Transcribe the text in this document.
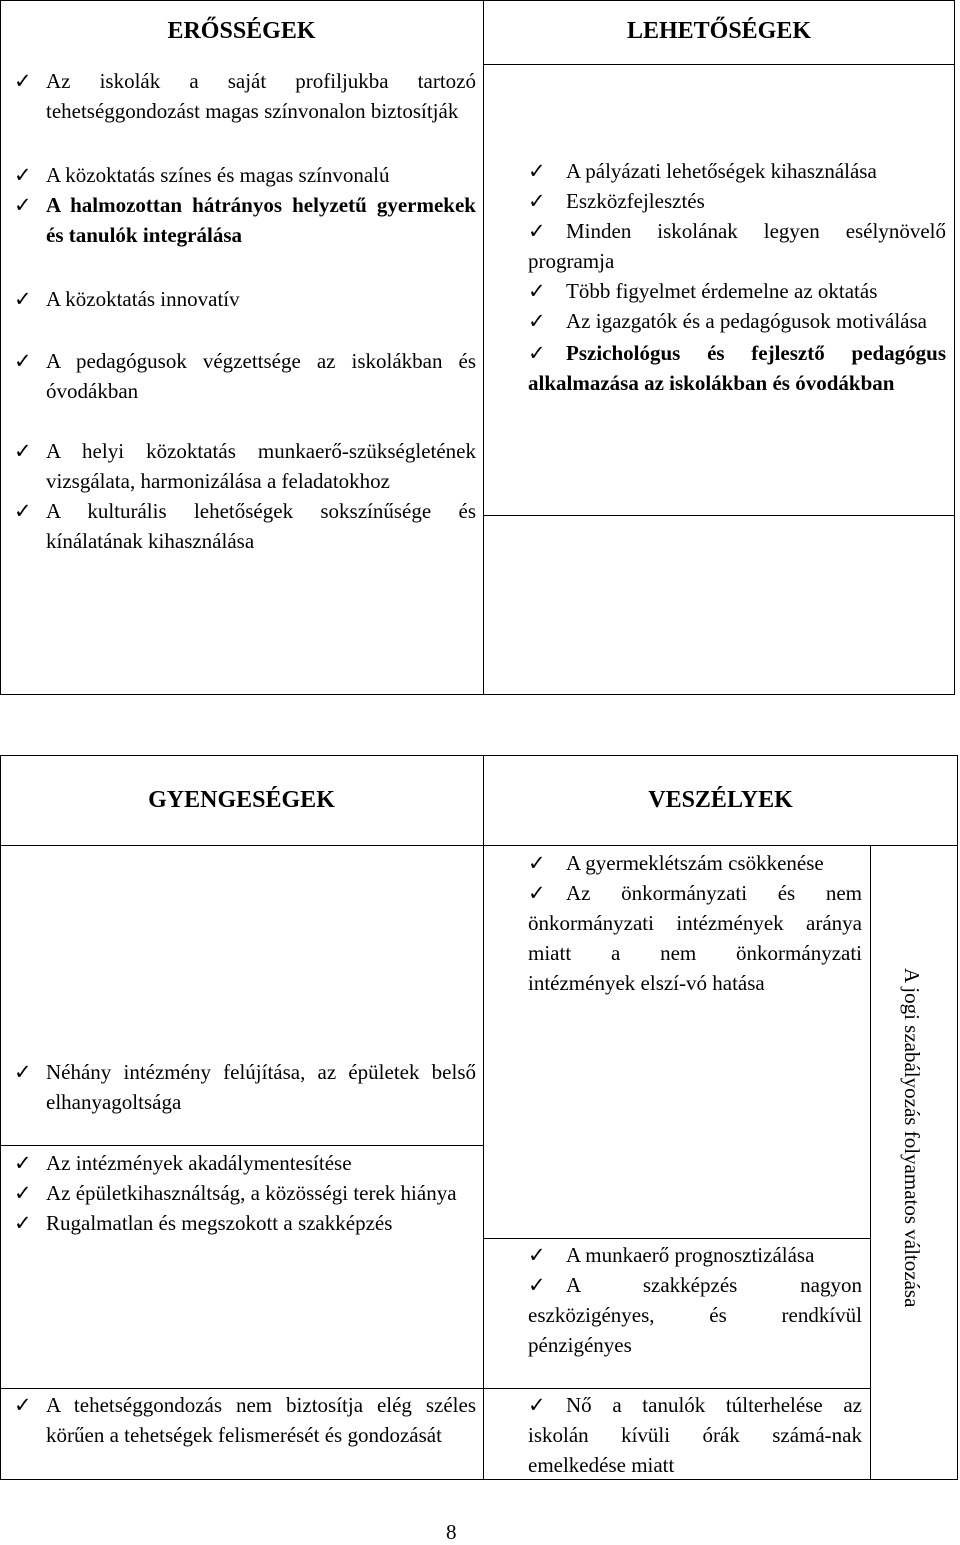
ERŐSSÉGEK	LEHETŐSÉGEK
✓ Az iskolák a saját profiljukba tartozó tehetséggondozást magas színvonalon biztosítják
✓ A közoktatás színes és magas színvonalú
✓ A halmozottan hátrányos helyzetű gyermekek és tanulók integrálása
✓ A közoktatás innovatív
✓ A pedagógusok végzettsége az iskolákban és óvodákban
✓ A helyi közoktatás munkaerő-szükségletének vizsgálata, harmonizálása a feladatokhoz
✓ A kulturális lehetőségek sokszínűsége és kínálatának kihasználása
✓ A pályázati lehetőségek kihasználása
✓ Eszközfejlesztés
✓ Minden iskolának legyen esélynövelő programja
✓ Több figyelmet érdemelne az oktatás
✓ Az igazgatók és a pedagógusok motiválása
✓ Pszichológus és fejlesztő pedagógus alkalmazása az iskolákban és óvodákban
GYENGESÉGEK	VESZÉLYEK
✓ Néhány intézmény felújítása, az épületek belső elhanyagoltsága
✓ Az intézmények akadálymentesítése
✓ Az épületkihasználtság, a közösségi terek hiánya
✓ Rugalmatlan és megszokott a szakképzés
✓ A tehetséggondozás nem biztosítja elég széles körűen a tehetségek felismerését és gondozását
✓ A gyermeklétszám csökkenése
✓ Az önkormányzati és nem önkormányzati intézmények aránya miatt a nem önkormányzati intézmények elszí-vó hatása
✓ A munkaerő prognosztizálása
✓ A szakképzés nagyon eszközigényes, és rendkívül pénzigényes
✓ Nő a tanulók túlterhelése az iskolán kívüli órák számá-nak emelkedése miatt
A jogi szabályozás folyamatos változása
8
